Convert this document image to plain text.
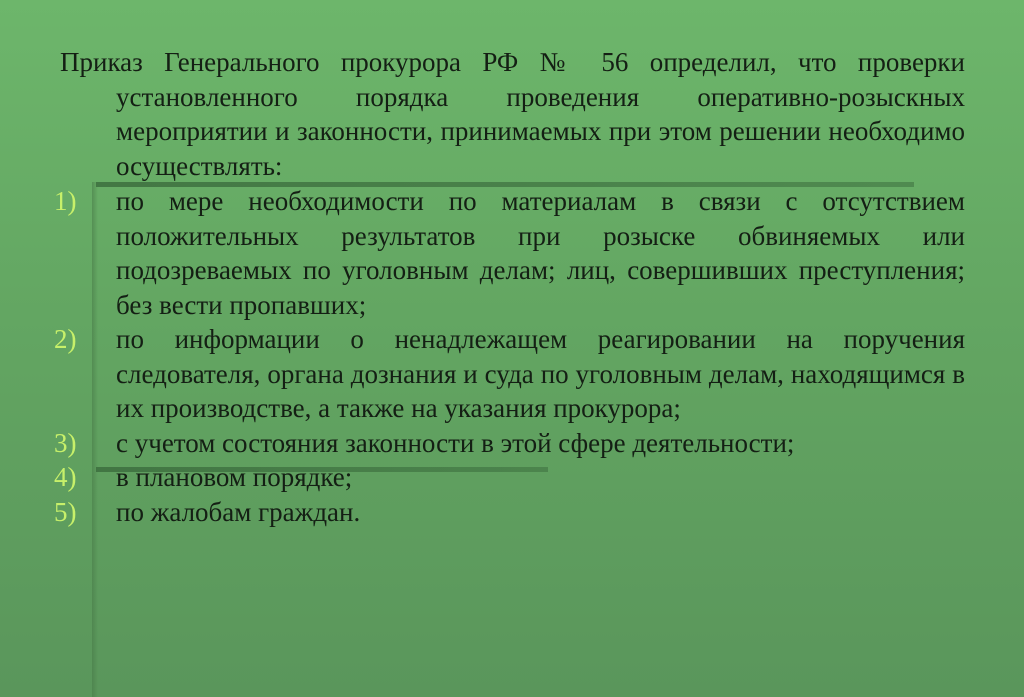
Приказ Генерального прокурора РФ № 56 определил, что проверки установленного порядка проведения оперативно-розыскных мероприятии и законности, принимаемых при этом решении необходимо осуществлять:

1)	по мере необходимости по материалам в связи с отсутствием положительных результатов при розыске обвиняемых или подозреваемых по уголовным делам; лиц, совершивших преступления; без вести пропавших;
2)	по информации о ненадлежащем реагировании на поручения следователя, органа дознания и суда по уголовным делам, находящимся в их производстве, а также на указания прокурора;
3)	с учетом состояния законности в этой сфере деятельности;
4)	в плановом порядке;
5)	по жалобам граждан.
